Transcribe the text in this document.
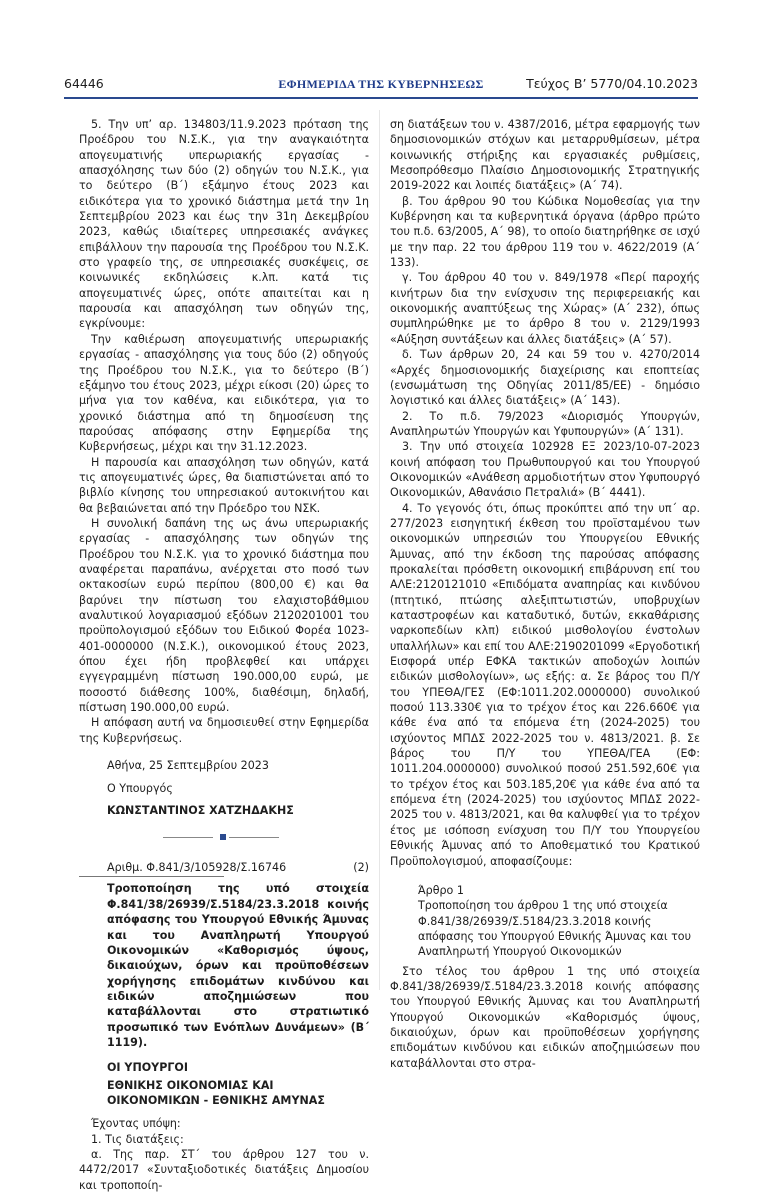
64446	ΕΦΗΜΕΡΙΔΑ ΤΗΣ ΚΥΒΕΡΝΗΣΕΩΣ	Τεύχος Β’ 5770/04.10.2023

5. Την υπ’ αρ. 134803/11.9.2023 πρόταση της Προέδρου του Ν.Σ.Κ., για την αναγκαιότητα απογευματινής υπερωριακής εργασίας - απασχόλησης των δύο (2) οδηγών του Ν.Σ.Κ., για το δεύτερο (Β΄) εξάμηνο έτους 2023 και ειδικότερα για το χρονικό διάστημα μετά την 1η Σεπτεμβρίου 2023 και έως την 31η Δεκεμβρίου 2023, καθώς ιδιαίτερες υπηρεσιακές ανάγκες επιβάλλουν την παρουσία της Προέδρου του Ν.Σ.Κ. στο γραφείο της, σε υπηρεσιακές συσκέψεις, σε κοινωνικές εκδηλώσεις κ.λπ. κατά τις απογευματινές ώρες, οπότε απαιτείται και η παρουσία και απασχόληση των οδηγών της, εγκρίνουμε:

Την καθιέρωση απογευματινής υπερωριακής εργασίας - απασχόλησης για τους δύο (2) οδηγούς της Προέδρου του Ν.Σ.Κ., για το δεύτερο (Β΄) εξάμηνο του έτους 2023, μέχρι είκοσι (20) ώρες το μήνα για τον καθένα, και ειδικότερα, για το χρονικό διάστημα από τη δημοσίευση της παρούσας απόφασης στην Εφημερίδα της Κυβερνήσεως, μέχρι και την 31.12.2023.

Η παρουσία και απασχόληση των οδηγών, κατά τις απογευματινές ώρες, θα διαπιστώνεται από το βιβλίο κίνησης του υπηρεσιακού αυτοκινήτου και θα βεβαιώνεται από την Πρόεδρο του ΝΣΚ.

Η συνολική δαπάνη της ως άνω υπερωριακής εργασίας - απασχόλησης των οδηγών της Προέδρου του Ν.Σ.Κ. για το χρονικό διάστημα που αναφέρεται παραπάνω, ανέρχεται στο ποσό των οκτακοσίων ευρώ περίπου (800,00 €) και θα βαρύνει την πίστωση του ελαχιστοβάθμιου αναλυτικού λογαριασμού εξόδων 2120201001 του προϋπολογισμού εξόδων του Ειδικού Φορέα 1023-401-0000000 (Ν.Σ.Κ.), οικονομικού έτους 2023, όπου έχει ήδη προβλεφθεί και υπάρχει εγγεγραμμένη πίστωση 190.000,00 ευρώ, με ποσοστό διάθεσης 100%, διαθέσιμη, δηλαδή, πίστωση 190.000,00 ευρώ.

Η απόφαση αυτή να δημοσιευθεί στην Εφημερίδα της Κυβερνήσεως.

Αθήνα, 25 Σεπτεμβρίου 2023

Ο Υπουργός

ΚΩΝΣΤΑΝΤΙΝΟΣ ΧΑΤΖΗΔΑΚΗΣ

Αριθμ. Φ.841/3/105928/Σ.16746	(2)

Τροποποίηση της υπό στοιχεία Φ.841/38/26939/Σ.5184/23.3.2018 κοινής απόφασης του Υπουργού Εθνικής Άμυνας και του Αναπληρωτή Υπουργού Οικονομικών «Καθορισμός ύψους, δικαιούχων, όρων και προϋποθέσεων χορήγησης επιδομάτων κινδύνου και ειδικών αποζημιώσεων που καταβάλλονται στο στρατιωτικό προσωπικό των Ενόπλων Δυνάμεων» (Β΄ 1119).

ΟΙ ΥΠΟΥΡΓΟΙ

ΕΘΝΙΚΗΣ ΟΙΚΟΝΟΜΙΑΣ ΚΑΙ ΟΙΚΟΝΟΜΙΚΩΝ - ΕΘΝΙΚΗΣ ΑΜΥΝΑΣ

Έχοντας υπόψη:

1. Τις διατάξεις:

α. Της παρ. ΣΤ΄ του άρθρου 127 του ν. 4472/2017 «Συνταξιοδοτικές διατάξεις Δημοσίου και τροποποίη-

ση διατάξεων του ν. 4387/2016, μέτρα εφαρμογής των δημοσιονομικών στόχων και μεταρρυθμίσεων, μέτρα κοινωνικής στήριξης και εργασιακές ρυθμίσεις, Μεσοπρόθεσμο Πλαίσιο Δημοσιονομικής Στρατηγικής 2019-2022 και λοιπές διατάξεις» (Α΄ 74).

β. Του άρθρου 90 του Κώδικα Νομοθεσίας για την Κυβέρνηση και τα κυβερνητικά όργανα (άρθρο πρώτο του π.δ. 63/2005, Α΄ 98), το οποίο διατηρήθηκε σε ισχύ με την παρ. 22 του άρθρου 119 του ν. 4622/2019 (Α΄ 133).

γ. Του άρθρου 40 του ν. 849/1978 «Περί παροχής κινήτρων δια την ενίσχυσιν της περιφερειακής και οικονομικής αναπτύξεως της Χώρας» (Α΄ 232), όπως συμπληρώθηκε με το άρθρο 8 του ν. 2129/1993 «Αύξηση συντάξεων και άλλες διατάξεις» (Α΄ 57).

δ. Των άρθρων 20, 24 και 59 του ν. 4270/2014 «Αρχές δημοσιονομικής διαχείρισης και εποπτείας (ενσωμάτωση της Οδηγίας 2011/85/ΕΕ) - δημόσιο λογιστικό και άλλες διατάξεις» (Α΄ 143).

2. Το π.δ. 79/2023 «Διορισμός Υπουργών, Αναπληρωτών Υπουργών και Υφυπουργών» (Α΄ 131).

3. Την υπό στοιχεία 102928 ΕΞ 2023/10-07-2023 κοινή απόφαση του Πρωθυπουργού και του Υπουργού Οικονομικών «Ανάθεση αρμοδιοτήτων στον Υφυπουργό Οικονομικών, Αθανάσιο Πετραλιά» (Β΄ 4441).

4. Το γεγονός ότι, όπως προκύπτει από την υπ΄ αρ. 277/2023 εισηγητική έκθεση του προϊσταμένου των οικονομικών υπηρεσιών του Υπουργείου Εθνικής Άμυνας, από την έκδοση της παρούσας απόφασης προκαλείται πρόσθετη οικονομική επιβάρυνση επί του ΑΛΕ:2120121010 «Επιδόματα αναπηρίας και κινδύνου (πτητικό, πτώσης αλεξιπτωτιστών, υποβρυχίων καταστροφέων και καταδυτικό, δυτών, εκκαθάρισης ναρκοπεδίων κλπ) ειδικού μισθολογίου ένστολων υπαλλήλων» και επί του ΑΛΕ:2190201099 «Εργοδοτική Εισφορά υπέρ ΕΦΚΑ τακτικών αποδοχών λοιπών ειδικών μισθολογίων», ως εξής: α. Σε βάρος του Π/Υ του ΥΠΕΘΑ/ΓΕΣ (ΕΦ:1011.202.0000000) συνολικού ποσού 113.330€ για το τρέχον έτος και 226.660€ για κάθε ένα από τα επόμενα έτη (2024-2025) του ισχύοντος ΜΠΔΣ 2022-2025 του ν. 4813/2021. β. Σε βάρος του Π/Υ του ΥΠΕΘΑ/ΓΕΑ (ΕΦ: 1011.204.0000000) συνολικού ποσού 251.592,60€ για το τρέχον έτος και 503.185,20€ για κάθε ένα από τα επόμενα έτη (2024-2025) του ισχύοντος ΜΠΔΣ 2022-2025 του ν. 4813/2021, και θα καλυφθεί για το τρέχον έτος με ισόποση ενίσχυση του Π/Υ του Υπουργείου Εθνικής Άμυνας από το Αποθεματικό του Κρατικού Προϋπολογισμού, αποφασίζουμε:

Άρθρο 1

Τροποποίηση του άρθρου 1 της υπό στοιχεία Φ.841/38/26939/Σ.5184/23.3.2018 κοινής απόφασης του Υπουργού Εθνικής Άμυνας και του Αναπληρωτή Υπουργού Οικονομικών

Στο τέλος του άρθρου 1 της υπό στοιχεία Φ.841/38/26939/Σ.5184/23.3.2018 κοινής απόφασης του Υπουργού Εθνικής Άμυνας και του Αναπληρωτή Υπουργού Οικονομικών «Καθορισμός ύψους, δικαιούχων, όρων και προϋποθέσεων χορήγησης επιδομάτων κινδύνου και ειδικών αποζημιώσεων που καταβάλλονται στο στρα-
